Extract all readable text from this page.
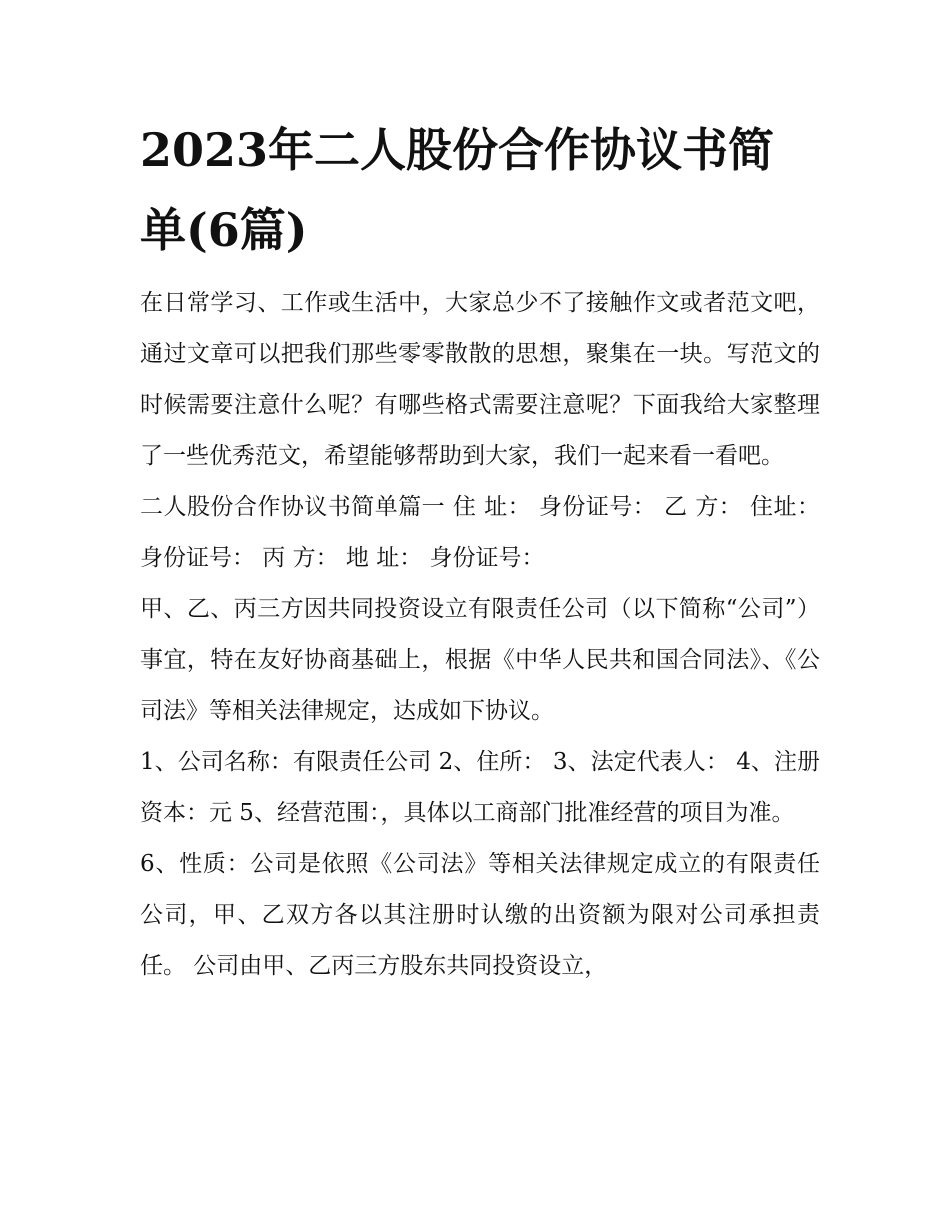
2023年二人股份合作协议书简单(6篇)

在日常学习、工作或生活中，大家总少不了接触作文或者范文吧，通过文章可以把我们那些零零散散的思想，聚集在一块。写范文的时候需要注意什么呢？有哪些格式需要注意呢？下面我给大家整理了一些优秀范文，希望能够帮助到大家，我们一起来看一看吧。

二人股份合作协议书简单篇一 住 址： 身份证号： 乙 方： 住址： 身份证号： 丙 方： 地 址： 身份证号：

甲、乙、丙三方因共同投资设立有限责任公司（以下简称“公司”）事宜，特在友好协商基础上，根据《中华人民共和国合同法》、《公司法》等相关法律规定，达成如下协议。

1、公司名称：有限责任公司 2、住所： 3、法定代表人： 4、注册资本：元 5、经营范围：，具体以工商部门批准经营的项目为准。

6、性质：公司是依照《公司法》等相关法律规定成立的有限责任公司，甲、乙双方各以其注册时认缴的出资额为限对公司承担责任。 公司由甲、乙丙三方股东共同投资设立，
